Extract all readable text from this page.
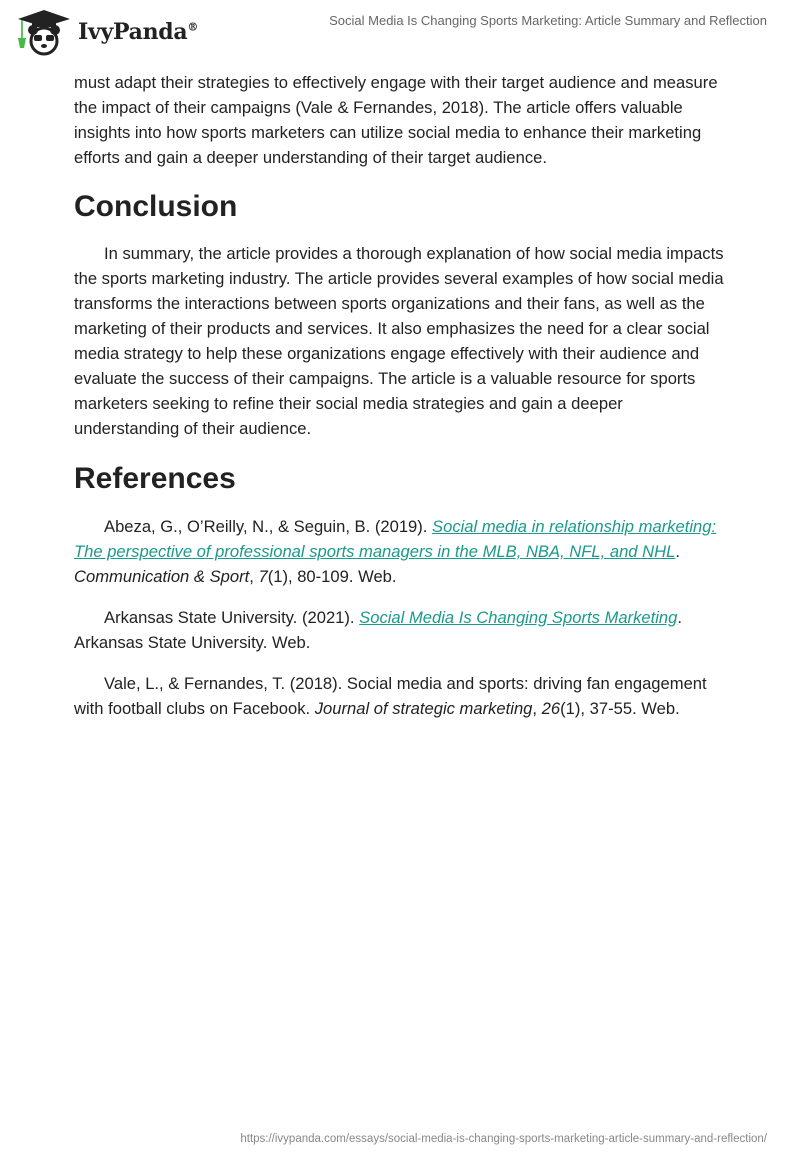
IvyPanda®	Social Media Is Changing Sports Marketing: Article Summary and Reflection

must adapt their strategies to effectively engage with their target audience and measure the impact of their campaigns (Vale & Fernandes, 2018). The article offers valuable insights into how sports marketers can utilize social media to enhance their marketing efforts and gain a deeper understanding of their target audience.

Conclusion

In summary, the article provides a thorough explanation of how social media impacts the sports marketing industry. The article provides several examples of how social media transforms the interactions between sports organizations and their fans, as well as the marketing of their products and services. It also emphasizes the need for a clear social media strategy to help these organizations engage effectively with their audience and evaluate the success of their campaigns. The article is a valuable resource for sports marketers seeking to refine their social media strategies and gain a deeper understanding of their audience.

References

Abeza, G., O’Reilly, N., & Seguin, B. (2019). Social media in relationship marketing: The perspective of professional sports managers in the MLB, NBA, NFL, and NHL. Communication & Sport, 7(1), 80-109. Web.

Arkansas State University. (2021). Social Media Is Changing Sports Marketing. Arkansas State University. Web.

Vale, L., & Fernandes, T. (2018). Social media and sports: driving fan engagement with football clubs on Facebook. Journal of strategic marketing, 26(1), 37-55. Web.

https://ivypanda.com/essays/social-media-is-changing-sports-marketing-article-summary-and-reflection/
